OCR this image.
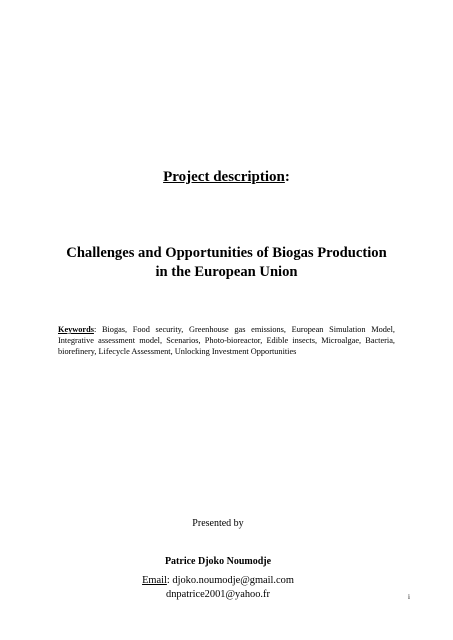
Project description:
Challenges and Opportunities of Biogas Production
in the European Union

Keywords: Biogas, Food security, Greenhouse gas emissions, European Simulation Model, Integrative assessment model, Scenarios, Photo-bioreactor, Edible insects, Microalgae, Bacteria, biorefinery, Lifecycle Assessment, Unlocking Investment Opportunities

Presented by

Patrice Djoko Noumodje

Email: djoko.noumodje@gmail.com

dnpatrice2001@yahoo.fr	i
